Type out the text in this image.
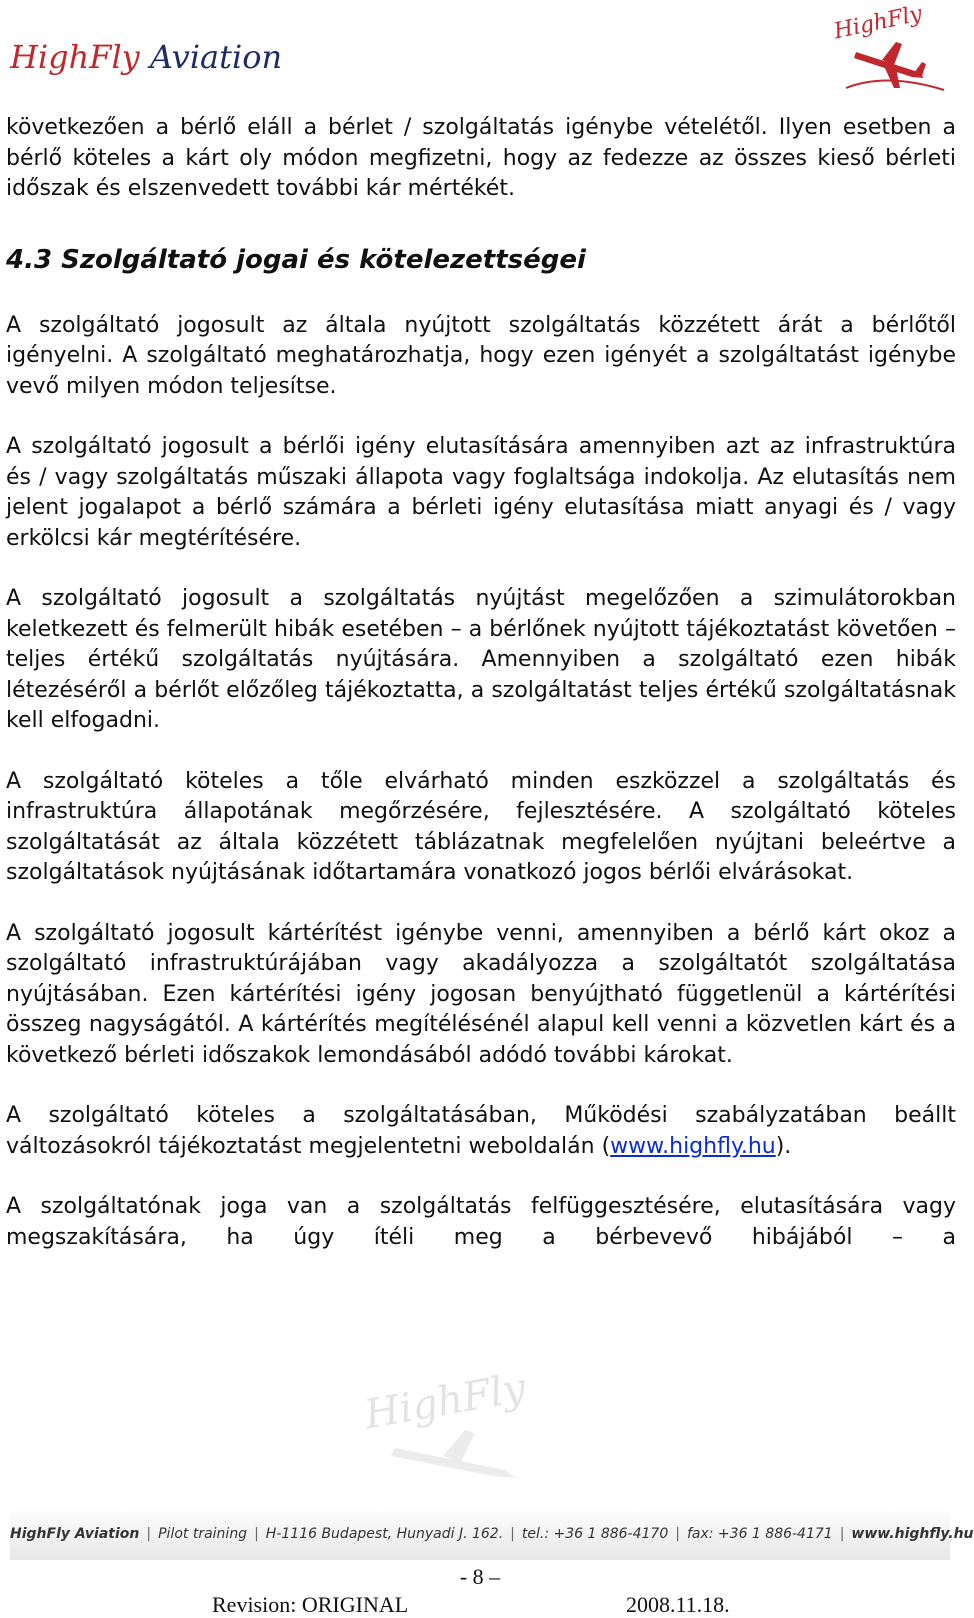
HighFly Aviation
HighFly

következően a bérlő eláll a bérlet / szolgáltatás igénybe vételétől. Ilyen esetben a bérlő köteles a kárt oly módon megfizetni, hogy az fedezze az összes kieső bérleti időszak és elszenvedett további kár mértékét.

4.3 Szolgáltató jogai és kötelezettségei

A szolgáltató jogosult az általa nyújtott szolgáltatás közzétett árát a bérlőtől igényelni. A szolgáltató meghatározhatja, hogy ezen igényét a szolgáltatást igénybe vevő milyen módon teljesítse.

A szolgáltató jogosult a bérlői igény elutasítására amennyiben azt az infrastruktúra és / vagy szolgáltatás műszaki állapota vagy foglaltsága indokolja. Az elutasítás nem jelent jogalapot a bérlő számára a bérleti igény elutasítása miatt anyagi és / vagy erkölcsi kár megtérítésére.

A szolgáltató jogosult a szolgáltatás nyújtást megelőzően a szimulátorokban keletkezett és felmerült hibák esetében – a bérlőnek nyújtott tájékoztatást követően – teljes értékű szolgáltatás nyújtására. Amennyiben a szolgáltató ezen hibák létezéséről a bérlőt előzőleg tájékoztatta, a szolgáltatást teljes értékű szolgáltatásnak kell elfogadni.

A szolgáltató köteles a tőle elvárható minden eszközzel a szolgáltatás és infrastruktúra állapotának megőrzésére, fejlesztésére. A szolgáltató köteles szolgáltatását az általa közzétett táblázatnak megfelelően nyújtani beleértve a szolgáltatások nyújtásának időtartamára vonatkozó jogos bérlői elvárásokat.

A szolgáltató jogosult kártérítést igénybe venni, amennyiben a bérlő kárt okoz a szolgáltató infrastruktúrájában vagy akadályozza a szolgáltatót szolgáltatása nyújtásában. Ezen kártérítési igény jogosan benyújtható függetlenül a kártérítési összeg nagyságától. A kártérítés megítélésénél alapul kell venni a közvetlen kárt és a következő bérleti időszakok lemondásából adódó további károkat.

A szolgáltató köteles a szolgáltatásában, Működési szabályzatában beállt változásokról tájékoztatást megjelentetni weboldalán (www.highfly.hu).

A szolgáltatónak joga van a szolgáltatás felfüggesztésére, elutasítására vagy megszakítására, ha úgy ítéli meg a bérbevevő hibájából – a

HighFly
HighFly Aviation | Pilot training | H-1116 Budapest, Hunyadi J. 162. | tel.: +36 1 886-4170 | fax: +36 1 886-4171 | www.highfly.hu
- 8 –
Revision: ORIGINAL	2008.11.18.
